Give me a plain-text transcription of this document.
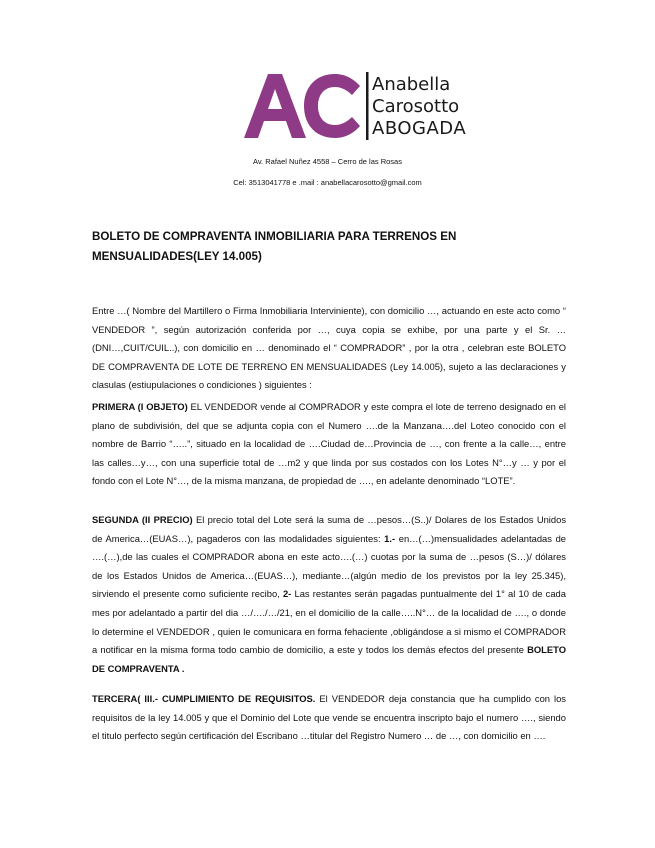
Anabella
Carosotto
ABOGADA
Av. Rafael Nuñez 4558 – Cerro de las Rosas
Cel: 3513041778 e .mail : anabellacarosotto@gmail.com
BOLETO DE COMPRAVENTA INMOBILIARIA PARA TERRENOS EN MENSUALIDADES(LEY 14.005)
Entre …( Nombre del Martillero o Firma Inmobiliaria Interviniente), con domicilio …, actuando en este acto como “ VENDEDOR ”, según autorización conferida por …, cuya copia se exhibe, por una parte y el Sr. … (DNI…,CUIT/CUIL..), con domicilio en … denominado el “ COMPRADOR” , por la otra , celebran este BOLETO DE COMPRAVENTA DE LOTE DE TERRENO EN MENSUALIDADES (Ley 14.005), sujeto a las declaraciones y clasulas (estiupulaciones o condiciones ) siguientes :
PRIMERA (I OBJETO) EL VENDEDOR vende al COMPRADOR y este compra el lote de terreno designado en el plano de subdivisión, del que se adjunta copia con el Numero ….de la Manzana….del Loteo conocido con el nombre de Barrio “…..”, situado en la localidad de ….Ciudad de…Provincia de …, con frente a la calle…, entre las calles…y…, con una superficie total de …m2 y que linda por sus costados con los Lotes N°…y … y por el fondo con el Lote N°…, de la misma manzana, de propiedad de …., en adelante denominado “LOTE”.
SEGUNDA (II PRECIO) El precio total del Lote será la suma de …pesos…(S..)/ Dolares de los Estados Unidos de America…(EUAS…), pagaderos con las modalidades siguientes: 1.- en…(…)mensualidades adelantadas de ….(…),de las cuales el COMPRADOR abona en este acto….(…) cuotas por la suma de …pesos (S…)/ dólares de los Estados Unidos de America…(EUAS…), mediante…(algún medio de los previstos por la ley 25.345), sirviendo el presente como suficiente recibo, 2- Las restantes serán pagadas puntualmente del 1° al 10 de cada mes por adelantado a partir del dia …/…./…/21, en el domicilio de la calle…..N°… de la localidad de …., o donde lo determine el VENDEDOR , quien le comunicara en forma fehaciente ,obligándose a si mismo el COMPRADOR a notificar en la misma forma todo cambio de domicilio, a este y todos los demás efectos del presente BOLETO DE COMPRAVENTA .
TERCERA( III.- CUMPLIMIENTO DE REQUISITOS. El VENDEDOR deja constancia que ha cumplido con los requisitos de la ley 14.005 y que el Dominio del Lote que vende se encuentra inscripto bajo el numero …., siendo el titulo perfecto según certificación del Escribano …titular del Registro Numero … de …, con domicilio en ….
